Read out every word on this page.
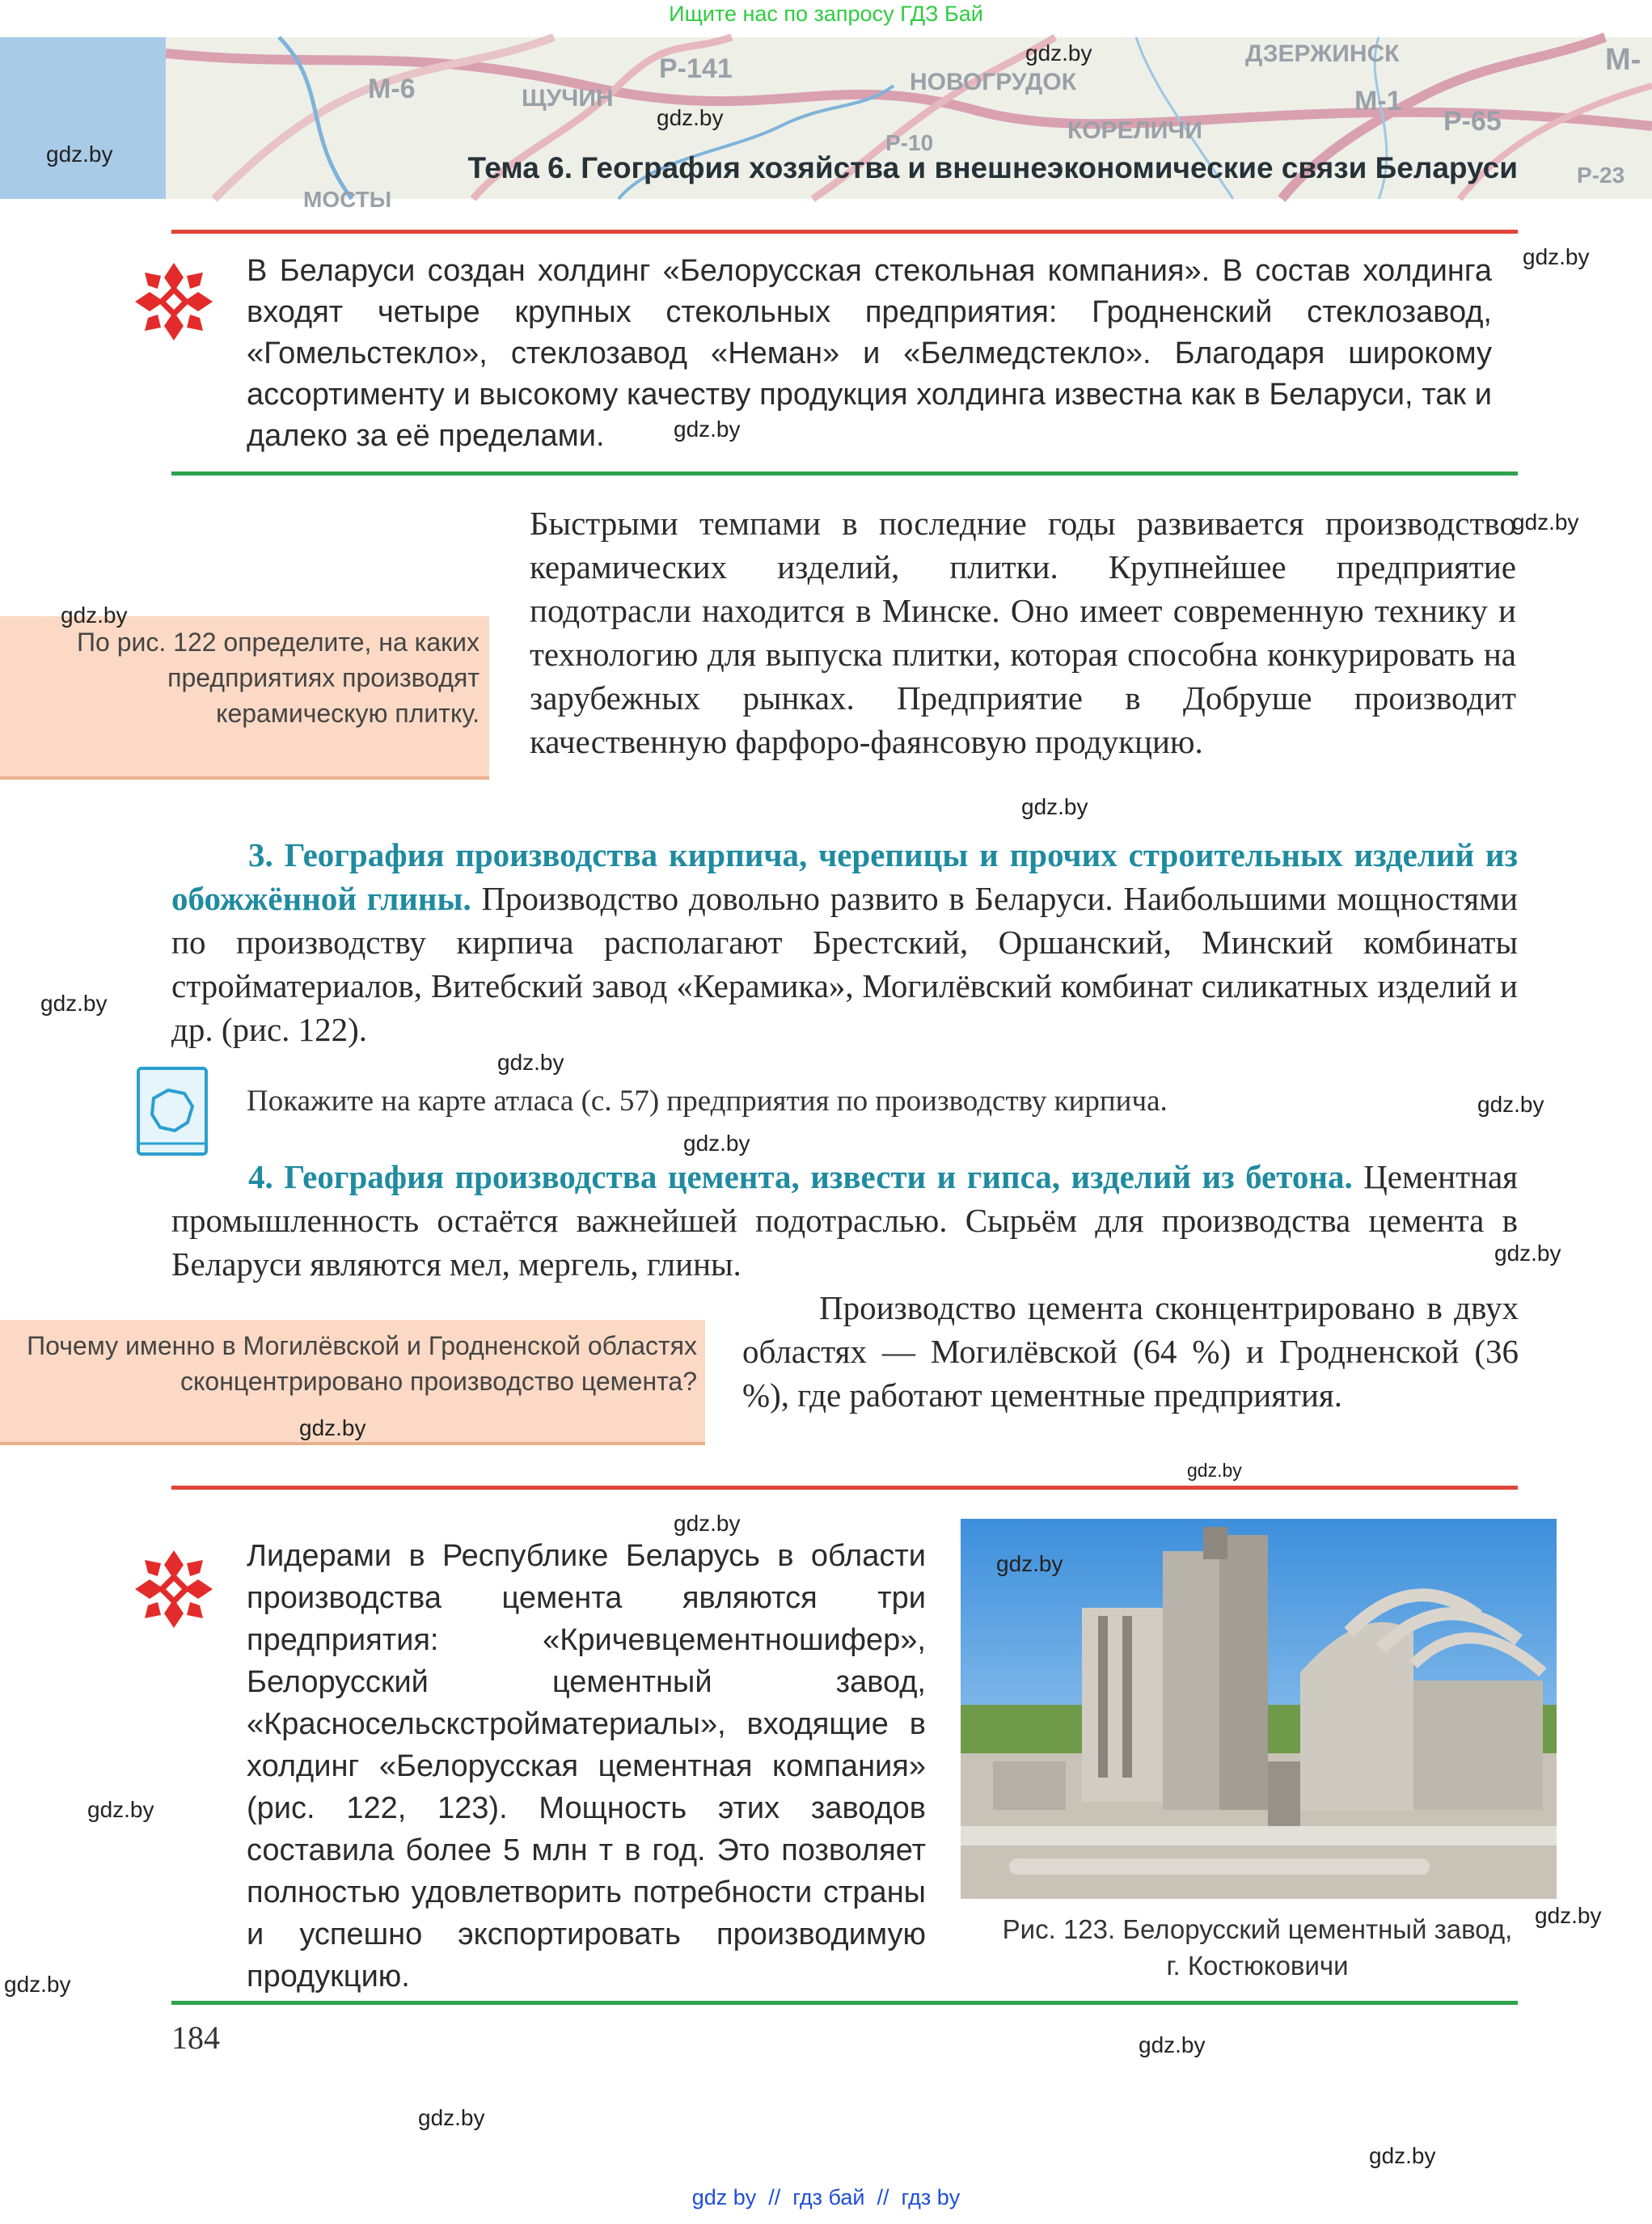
Ищите нас по запросу ГДЗ Бай
М-6
Р-141
ЩУЧИН
НОВОГРУДОК
ДЗЕРЖИНСК
КОРЕЛИЧИ	Р-65
М-1
Р-10
МОСТЫ
Р-23
М-
Тема 6. География хозяйства и внешнеэкономические связи Беларуси
В Беларуси создан холдинг «Белорусская стекольная компания». В состав холдинга входят четыре крупных стекольных предприятия: Гродненский стеклозавод, «Гомельстекло», стеклозавод «Неман» и «Белмедстекло». Благодаря широкому ассортименту и высокому качеству продукция холдинга известна как в Беларуси, так и далеко за её пределами.
Быстрыми темпами в последние годы развивается производство керамических изделий, плитки. Крупнейшее предприятие подотрасли находится в Минске. Оно имеет современную технику и технологию для выпуска плитки, которая способна конкурировать на зарубежных рынках. Предприятие в Добруше производит качественную фарфоро-фаянсовую продукцию.
По рис. 122 определите, на каких предприятиях производят керамическую плитку.
3. География производства кирпича, черепицы и прочих строительных изделий из обожжённой глины. Производство довольно развито в Беларуси. Наибольшими мощностями по производству кирпича располагают Брестский, Оршанский, Минский комбинаты стройматериалов, Витебский завод «Керамика», Могилёвский комбинат силикатных изделий и др. (рис. 122).
Покажите на карте атласа (с. 57) предприятия по производству кирпича.
4. География производства цемента, извести и гипса, изделий из бетона. Цементная промышленность остаётся важнейшей подотраслью. Сырьём для производства цемента в Беларуси являются мел, мергель, глины.
Производство цемента сконцентрировано в двух областях — Могилёвской (64 %) и Гродненской (36 %), где работают цементные предприятия.
Почему именно в Могилёвской и Гродненской областях сконцентрировано производство цемента?
Лидерами в Республике Беларусь в области производства цемента являются три предприятия: «Кричевцементношифер», Белорусский цементный завод, «Красносельскстройматериалы», входящие в холдинг «Белорусская цементная компания» (рис. 122, 123). Мощность этих заводов составила более 5 млн т в год. Это позволяет полностью удовлетворить потребности страны и успешно экспортировать производимую продукцию.
Рис. 123. Белорусский цементный завод,
г. Костюковичи
184
gdz.by
gdz.by
gdz.by
gdz.by
gdz.by
gdz.by
gdz.by
gdz.by
gdz.by
gdz.by
gdz.by
gdz.by
gdz.by
gdz.by
gdz.by
gdz.by
gdz.by
gdz.by
gdz.by
gdz.by
gdz.by
gdz.by
gdz.by
gdz by  //  гдз бай  //  гдз by
